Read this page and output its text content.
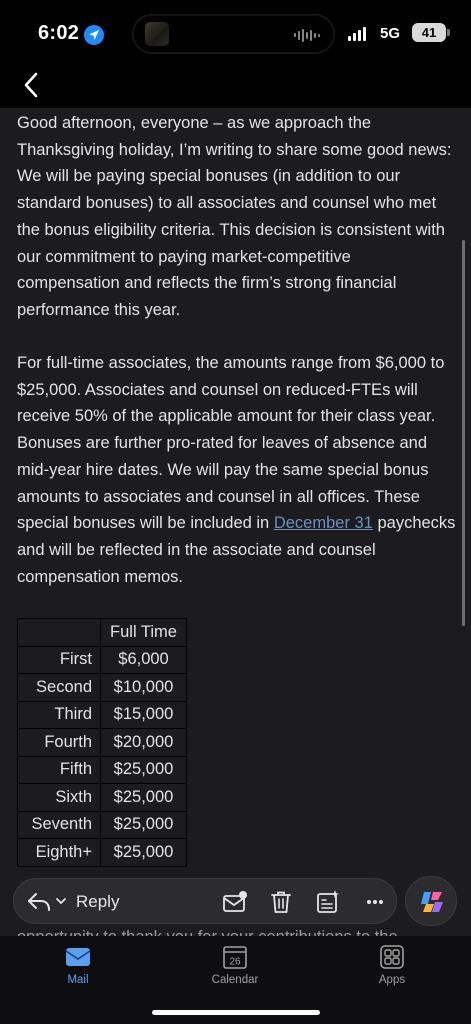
6:02	5G	41

Good afternoon, everyone – as we approach the Thanksgiving holiday, I’m writing to share some good news: We will be paying special bonuses (in addition to our standard bonuses) to all associates and counsel who met the bonus eligibility criteria. This decision is consistent with our commitment to paying market-competitive compensation and reflects the firm’s strong financial performance this year.

For full-time associates, the amounts range from $6,000 to $25,000. Associates and counsel on reduced-FTEs will receive 50% of the applicable amount for their class year. Bonuses are further pro-rated for leaves of absence and mid-year hire dates. We will pay the same special bonus amounts to associates and counsel in all offices. These special bonuses will be included in December 31 paychecks and will be reflected in the associate and counsel compensation memos.

	Full Time
First	$6,000
Second	$10,000
Third	$15,000
Fourth	$20,000
Fifth	$25,000
Sixth	$25,000
Seventh	$25,000
Eighth+	$25,000
Reply
Mail
26
Calendar	Apps
